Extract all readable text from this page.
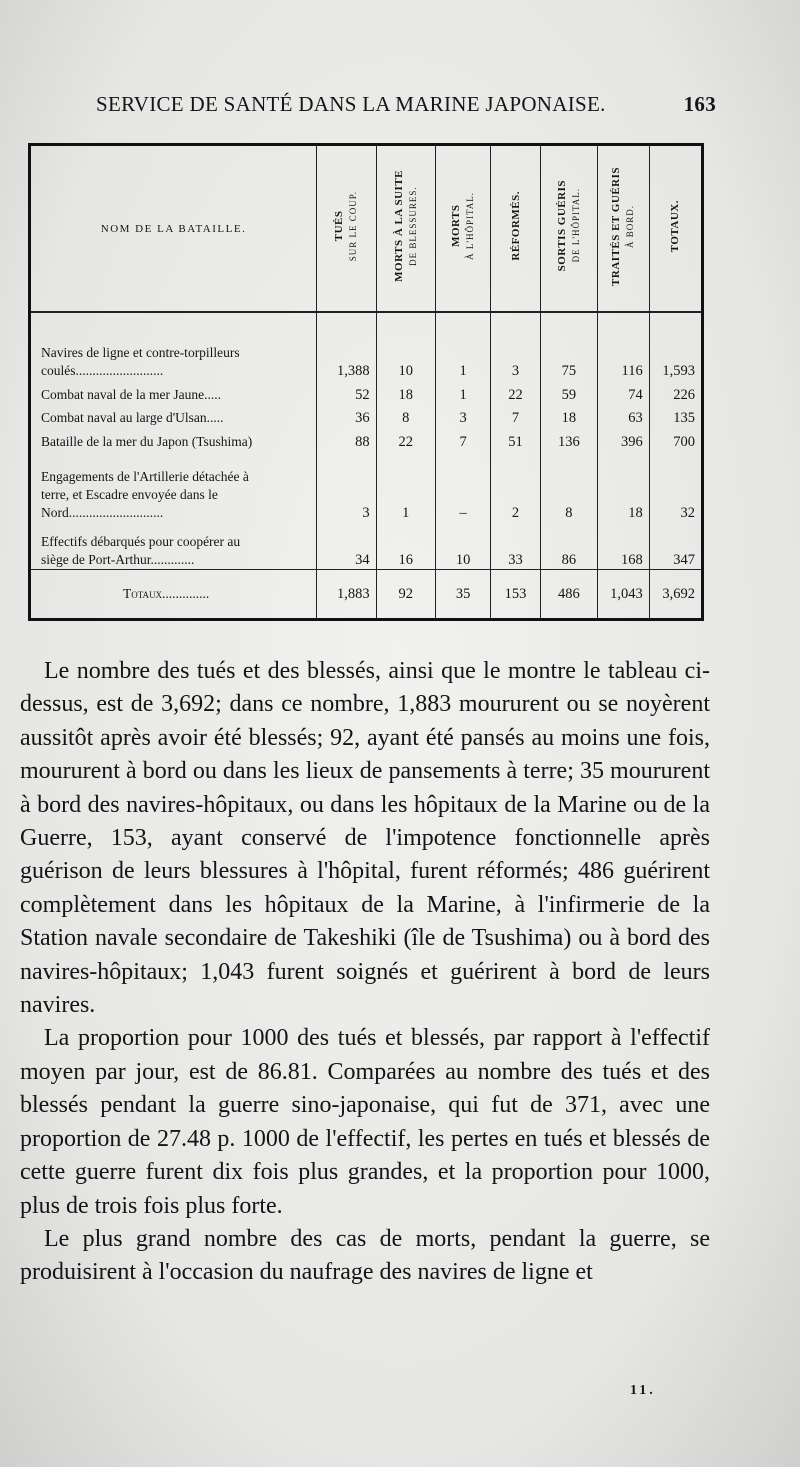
SERVICE DE SANTÉ DANS LA MARINE JAPONAISE.	163
NOM DE LA BATAILLE.	TUÉS SUR LE COUP.	MORTS À LA SUITE DE BLESSURES.	MORTS À L'HÔPITAL.	RÉFORMÉS.	SORTIS GUÉRIS DE L'HÔPITAL.	TRAITÉS ET GUÉRIS À BORD.	TOTAUX.

Navires de ligne et contre-torpilleurs
coulés..........................	1,388	10	1	3	75	116	1,593
Combat naval de la mer Jaune.....	52	18	1	22	59	74	226
Combat naval au large d'Ulsan.....	36	8	3	7	18	63	135
Bataille de la mer du Japon (Tsushima)	88	22	7	51	136	396	700
Engagements de l'Artillerie détachée à
terre, et Escadre envoyée dans le
Nord............................	3	1	–	2	8	18	32
Effectifs débarqués pour coopérer au
siège de Port-Arthur.............	34	16	10	33	86	168	347
Totaux..............	1,883	92	35	153	486	1,043	3,692

Le nombre des tués et des blessés, ainsi que le montre le tableau ci-dessus, est de 3,692; dans ce nombre, 1,883 moururent ou se noyèrent aussitôt après avoir été blessés; 92, ayant été pansés au moins une fois, moururent à bord ou dans les lieux de pansements à terre; 35 moururent à bord des navires-hôpitaux, ou dans les hôpitaux de la Marine ou de la Guerre, 153, ayant conservé de l'impotence fonctionnelle après guérison de leurs blessures à l'hôpital, furent réformés; 486 guérirent complètement dans les hôpitaux de la Marine, à l'infirmerie de la Station navale secondaire de Takeshiki (île de Tsushima) ou à bord des navires-hôpitaux; 1,043 furent soignés et guérirent à bord de leurs navires.

La proportion pour 1000 des tués et blessés, par rapport à l'effectif moyen par jour, est de 86.81. Comparées au nombre des tués et des blessés pendant la guerre sino-japonaise, qui fut de 371, avec une proportion de 27.48 p. 1000 de l'effectif, les pertes en tués et blessés de cette guerre furent dix fois plus grandes, et la proportion pour 1000, plus de trois fois plus forte.

Le plus grand nombre des cas de morts, pendant la guerre, se produisirent à l'occasion du naufrage des navires de ligne et

11.
